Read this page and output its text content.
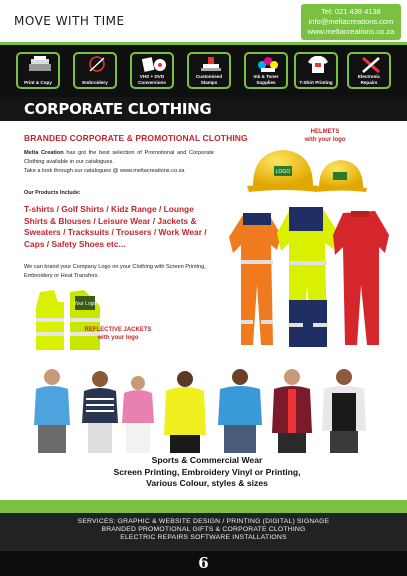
MOVE WITH TIME
Tel: 021 439 4138
info@meltacreations.com
www.meltacreations.co.za
Print & Copy	Embroidery
VHS + DVD Conversions
Customised Stamps
Ink & Toner Supplies	T-Shirt Printing
Electronic Repairs
CORPORATE CLOTHING
BRANDED CORPORATE & PROMOTIONAL CLOTHING
Melta Creation has got the best selection of Promotional and Corporate Clothing available in our catalogues.
Take a look through our catalogues @ www.meltacreations.co.za
Our Products Include:
T-shirts / Golf Shirts / Kidz Range / Lounge Shirts & Blouses / Leisure Wear / Jackets & Sweaters / Tracksuits / Trousers / Work Wear / Caps / Safety Shoes etc...
We can brand your Company Logo on your Clothing with Screen Printing, Embroidery or Heat Transfers.
HELMETS
with your logo
LOGO
Your Logo
REFLECTIVE JACKETS
with your logo
Sports & Commercial Wear
Screen Printing, Embroidery Vinyl or Printing,
Various Colour, styles & sizes

SERVICES: GRAPHIC & WEBSITE DESIGN / PRINTING (DIGITAL) SIGNAGE
BRANDED PROMOTIONAL GIFTS & CORPORATE CLOTHING
ELECTRIC REPAIRS SOFTWARE INSTALLATIONS

6
